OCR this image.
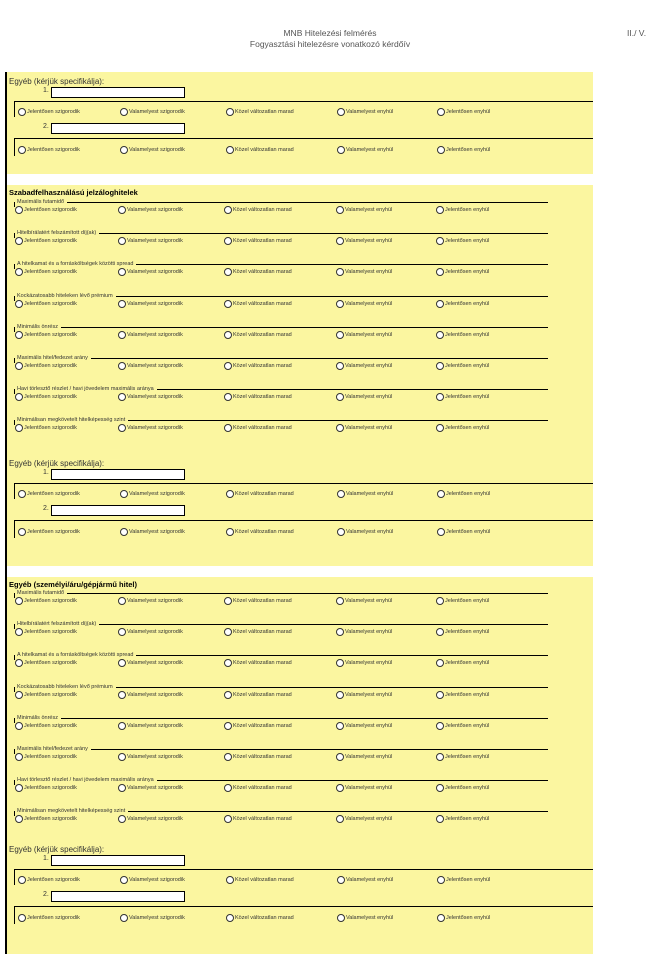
MNB Hitelezési felmérés
Fogyasztási hitelezésre vonatkozó kérdőív
II./ V.
Egyéb (kérjük specifikálja):
1.
Jelentősen szigorodik	Valamelyest szigorodik	Közel változatlan marad	Valamelyest enyhül	Jelentősen enyhül
2.
Jelentősen szigorodik	Valamelyest szigorodik	Közel változatlan marad	Valamelyest enyhül	Jelentősen enyhül
Szabadfelhasználású jelzáloghitelek
Maximális futamidő
Jelentősen szigorodik	Valamelyest szigorodik	Közel változatlan marad	Valamelyest enyhül	Jelentősen enyhül
Hitelbírálatért felszámított díj(ak)
Jelentősen szigorodik	Valamelyest szigorodik	Közel változatlan marad	Valamelyest enyhül	Jelentősen enyhül
A hitelkamat és a forrásköltségek közötti spread
Jelentősen szigorodik	Valamelyest szigorodik	Közel változatlan marad	Valamelyest enyhül	Jelentősen enyhül
Kockázatosabb hiteleken lévő prémium
Jelentősen szigorodik	Valamelyest szigorodik	Közel változatlan marad	Valamelyest enyhül	Jelentősen enyhül
Minimális önrész
Jelentősen szigorodik	Valamelyest szigorodik	Közel változatlan marad	Valamelyest enyhül	Jelentősen enyhül
Maximális hitel/fedezet arány
Jelentősen szigorodik	Valamelyest szigorodik	Közel változatlan marad	Valamelyest enyhül	Jelentősen enyhül
Havi törlesztő részlet / havi jövedelem maximális aránya
Jelentősen szigorodik	Valamelyest szigorodik	Közel változatlan marad	Valamelyest enyhül	Jelentősen enyhül
Minimálisan megkövetelt hitelképesség szint
Jelentősen szigorodik	Valamelyest szigorodik	Közel változatlan marad	Valamelyest enyhül	Jelentősen enyhül
Egyéb (kérjük specifikálja):
1.
Jelentősen szigorodik	Valamelyest szigorodik	Közel változatlan marad	Valamelyest enyhül	Jelentősen enyhül
2.
Jelentősen szigorodik	Valamelyest szigorodik	Közel változatlan marad	Valamelyest enyhül	Jelentősen enyhül
Egyéb (személyi/áru/gépjármű hitel)
Maximális futamidő
Jelentősen szigorodik	Valamelyest szigorodik	Közel változatlan marad	Valamelyest enyhül	Jelentősen enyhül
Hitelbírálatért felszámított díj(ak)
Jelentősen szigorodik	Valamelyest szigorodik	Közel változatlan marad	Valamelyest enyhül	Jelentősen enyhül
A hitelkamat és a forrásköltségek közötti spread
Jelentősen szigorodik	Valamelyest szigorodik	Közel változatlan marad	Valamelyest enyhül	Jelentősen enyhül
Kockázatosabb hiteleken lévő prémium
Jelentősen szigorodik	Valamelyest szigorodik	Közel változatlan marad	Valamelyest enyhül	Jelentősen enyhül
Minimális önrész
Jelentősen szigorodik	Valamelyest szigorodik	Közel változatlan marad	Valamelyest enyhül	Jelentősen enyhül
Maximális hitel/fedezet arány
Jelentősen szigorodik	Valamelyest szigorodik	Közel változatlan marad	Valamelyest enyhül	Jelentősen enyhül
Havi törlesztő részlet / havi jövedelem maximális aránya
Jelentősen szigorodik	Valamelyest szigorodik	Közel változatlan marad	Valamelyest enyhül	Jelentősen enyhül
Minimálisan megkövetelt hitelképesség szint
Jelentősen szigorodik	Valamelyest szigorodik	Közel változatlan marad	Valamelyest enyhül	Jelentősen enyhül
Egyéb (kérjük specifikálja):
1.
Jelentősen szigorodik	Valamelyest szigorodik	Közel változatlan marad	Valamelyest enyhül	Jelentősen enyhül
2.
Jelentősen szigorodik	Valamelyest szigorodik	Közel változatlan marad	Valamelyest enyhül	Jelentősen enyhül
